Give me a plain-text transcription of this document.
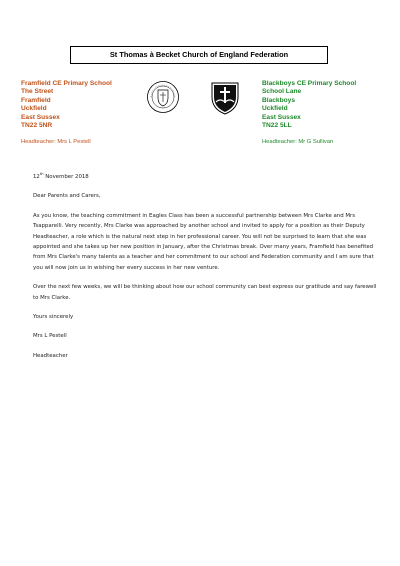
St Thomas à Becket Church of England Federation
Framfield CE Primary School
The Street
Framfield
Uckfield
East Sussex
TN22 5NR
Headteacher: Mrs L Pestell
Blackboys CE Primary School
School Lane
Blackboys
Uckfield
East Sussex
TN22 5LL
Headteacher: Mr G Sullivan

12th November 2018

Dear Parents and Carers,

As you know, the teaching commitment in Eagles Class has been a successful partnership between Mrs Clarke and Mrs Tsapparelli. Very recently, Mrs Clarke was approached by another school and invited to apply for a position as their Deputy Headteacher, a role which is the natural next step in her professional career. You will not be surprised to learn that she was appointed and she takes up her new position in January, after the Christmas break. Over many years, Framfield has benefited from Mrs Clarke's many talents as a teacher and her commitment to our school and Federation community and I am sure that you will now join us in wishing her every success in her new venture.

Over the next few weeks, we will be thinking about how our school community can best express our gratitude and say farewell to Mrs Clarke.

Yours sincerely

Mrs L Pestell

Headteacher
